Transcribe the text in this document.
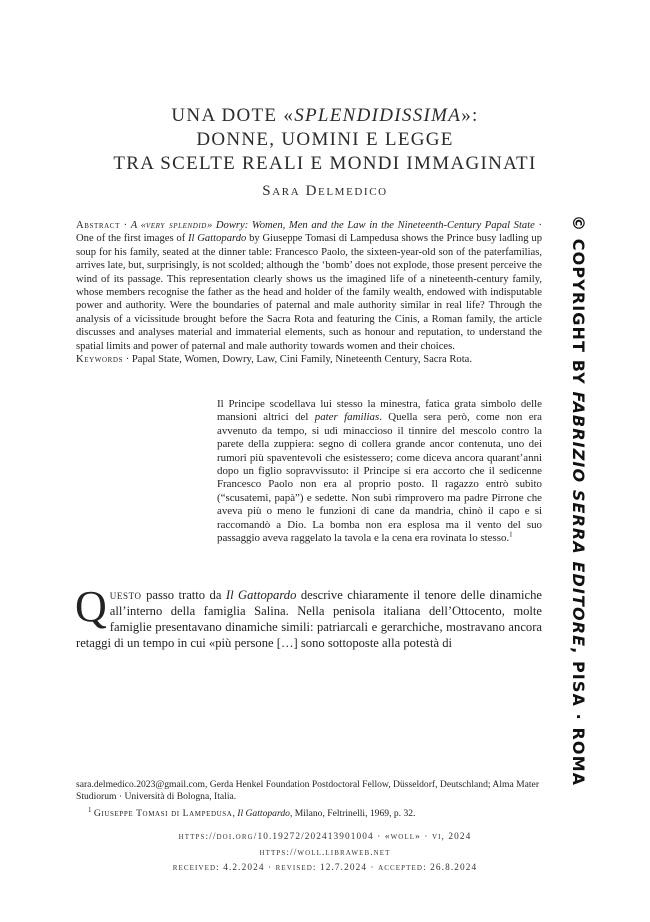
UNA DOTE «SPLENDIDISSIMA»:
DONNE, UOMINI E LEGGE
TRA SCELTE REALI E MONDI IMMAGINATI
Sara Delmedico

Abstract · A «very splendid» Dowry: Women, Men and the Law in the Nineteenth-Century Papal State · One of the first images of Il Gattopardo by Giuseppe Tomasi di Lampedusa shows the Prince busy ladling up soup for his family, seated at the dinner table: Francesco Paolo, the sixteen-year-old son of the paterfamilias, arrives late, but, surprisingly, is not scolded; although the ‘bomb’ does not explode, those present perceive the wind of its passage. This representation clearly shows us the imagined life of a nineteenth-century family, whose members recognise the father as the head and holder of the family wealth, endowed with indisputable power and authority. Were the boundaries of paternal and male authority similar in real life? Through the analysis of a vicissitude brought before the Sacra Rota and featuring the Cinis, a Roman family, the article discusses and analyses material and immaterial elements, such as honour and reputation, to understand the spatial limits and power of paternal and male authority towards women and their choices.

Keywords · Papal State, Women, Dowry, Law, Cini Family, Nineteenth Century, Sacra Rota.

Il Principe scodellava lui stesso la minestra, fatica grata simbolo delle mansioni altrici del pater familias. Quella sera però, come non era avvenuto da tempo, si udì minaccioso il tinnire del mescolo contro la parete della zuppiera: segno di collera grande ancor contenuta, uno dei rumori più spaventevoli che esistessero; come diceva ancora quarant’anni dopo un figlio sopravvissuto: il Principe si era accorto che il sedicenne Francesco Paolo non era al proprio posto. Il ragazzo entrò subito (“scusatemi, papà”) e sedette. Non subì rimprovero ma padre Pirrone che aveva più o meno le funzioni di cane da mandria, chinò il capo e si raccomandò a Dio. La bomba non era esplosa ma il vento del suo passaggio aveva raggelato la tavola e la cena era rovinata lo stesso.$^1$

Questo passo tratto da Il Gattopardo descrive chiaramente il tenore delle dinamiche all’interno della famiglia Salina. Nella penisola italiana dell’Ottocento, molte famiglie presentavano dinamiche simili: patriarcali e gerarchiche, mostravano ancora retaggi di un tempo in cui «più persone […] sono sottoposte alla potestà di

sara.delmedico.2023@gmail.com, Gerda Henkel Foundation Postdoctoral Fellow, Düsseldorf, Deutschland; Alma Mater Studiorum · Università di Bologna, Italia.

$^1$ Giuseppe Tomasi di Lampedusa, Il Gattopardo, Milano, Feltrinelli, 1969, p. 32.

https://doi.org/10.19272/202413901004 · «woll» · vi, 2024
https://woll.libraweb.net
received: 4.2.2024 · revised: 12.7.2024 · accepted: 26.8.2024
© COPYRIGHT BY FABRIZIO SERRA EDITORE, PISA · ROMA
